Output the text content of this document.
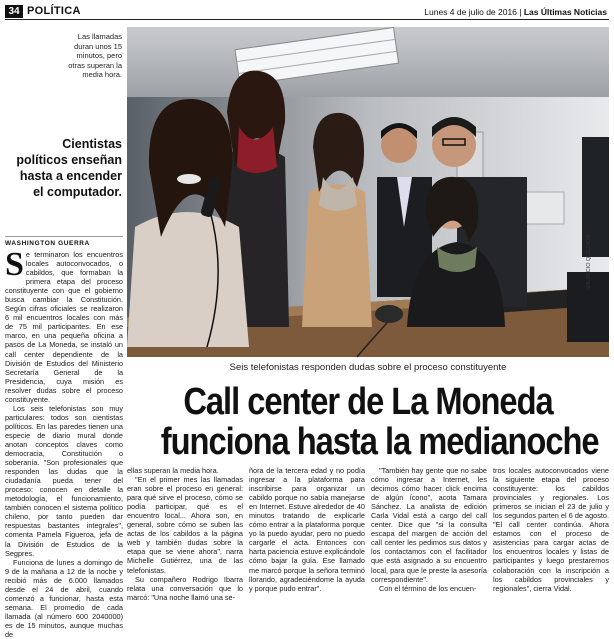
34 POLÍTICA	Lunes 4 de julio de 2016 | Las Últimas Noticias
Las llamadas duran unos 15 minutos, pero otras superan la media hora.
Cientistas políticos enseñan hasta a encender el computador.
WASHINGTON GUERRA

Se terminaron los encuentros locales autoconvocados, o cabildos, que formaban la primera etapa del proceso constituyente con que el gobierno busca cambiar la Constitución. Según cifras oficiales se realizaron 6 mil encuentros locales con más de 75 mil participantes. En ese marco, en una pequeña oficina a pasos de La Moneda, se instaló un call center dependiente de la División de Estudios del Ministerio Secretaría General de la Presidencia, cuya misión es resolver dudas sobre el proceso constituyente.

Los seis telefonistas son muy particulares: todos son cientistas políticos. En las paredes tienen una especie de diario mural donde anotan conceptos claves como democracia, Constitución o soberanía. "Son profesionales que responden las dudas que la ciudadanía pueda tener del proceso: conocen en detalle la metodología, el funcionamiento, también conocen el sistema político chileno, por tanto pueden dar respuestas bastantes integrales", comenta Pamela Figueroa, jefa de la División de Estudios de la Segpres.

Funciona de lunes a domingo de 9 de la mañana a 12 de la noche y recibió más de 6.000 llamados desde el 24 de abril, cuando comenzó a funcionar, hasta esta semana. El promedio de cada llamada (al número 600 2040000) es de 15 minutos, aunque muchas de

MAURICIO QUEZADA
Seis telefonistas responden dudas sobre el proceso constituyente
Call center de La Moneda
funciona hasta la medianoche

ellas superan la media hora.

"En el primer mes las llamadas eran sobre el proceso en general: para qué sirve el proceso, cómo se podía participar, qué es el encuentro local... Ahora son, en general, sobre cómo se suben las actas de los cabildos a la página web y también dudas sobre la etapa que se viene ahora", narra Michelle Gutiérrez, una de las telefonistas.

Su compañero Rodrigo Ibarra relata una conversación que lo marcó: "Una noche llamó una se-

ñora de la tercera edad y no podía ingresar a la plataforma para inscribirse para organizar un cabildo porque no sabía manejarse en Internet. Estuve alrededor de 40 minutos tratando de explicarle cómo entrar a la plataforma porque yo la puedo ayudar, pero no puedo cargarle el acta. Entonces con harta paciencia estuve explicándole cómo bajar la guía. Ese llamado me marcó porque la señora terminó llorando, agradeciéndome la ayuda y porque pudo entrar".

"También hay gente que no sabe cómo ingresar a Internet, les decimos cómo hacer click encima de algún ícono", acota Tamara Sánchez. La analista de edición Carla Vidal está a cargo del call center. Dice que "si la consulta escapa del margen de acción del call center les pedimos sus datos y los contactamos con el facilitador que está asignado a su encuentro local, para que le preste la asesoría correspondiente".

Con el término de los encuen-

tros locales autoconvocados viene la siguiente etapa del proceso constituyente: los cabildos provinciales y regionales. Los primeros se inician el 23 de julio y los segundos parten el 6 de agosto. "El call center continúa. Ahora estamos con el proceso de asistencias para cargar actas de los encuentros locales y listas de participantes y luego prestaremos colaboración con la inscripción a los cabildos provinciales y regionales", cierra Vidal.
